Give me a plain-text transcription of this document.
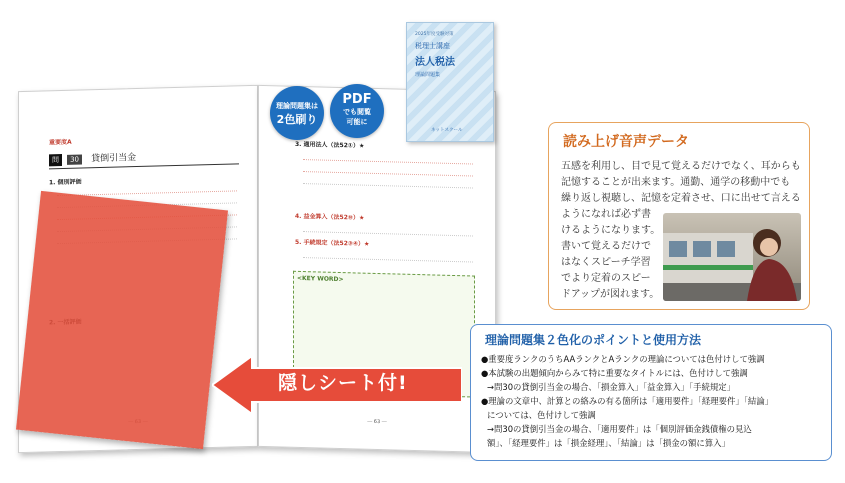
重要度A
問 30 貸倒引当金
1. 個別評価
3. 適用法人（法52①）★
4. 益金算入（法52⑩）★
5. 手続規定（法52③④）★
<KEY WORD>
― 63 ―
隠しシート付!
理論問題集は
2色刷り
PDF
でも閲覧
可能に
2025年度受験対策
税理士講座
法人税法
理論問題集
ネットスクール
読み上げ音声データ
五感を利用し、目で見て覚えるだけでなく、耳からも
記憶することが出来ます。通勤、通学の移動中でも
繰り返し視聴し、記憶を定着させ、口に出せて言える
ようになれば必ず書
けるようになります。
書いて覚えるだけで
はなくスピーチ学習
でより定着のスピー
ドアップが図れます。
理論問題集２色化のポイントと使用方法
●重要度ランクのうちAAランクとAランクの理論については色付けして強調
●本試験の出題傾向からみて特に重要なタイトルには、色付けして強調
→問30の貸倒引当金の場合、「損金算入」「益金算入」「手続規定」
●理論の文章中、計算との絡みの有る箇所は「適用要件」「経理要件」「結論」
については、色付けして強調
→問30の貸倒引当金の場合、「適用要件」は「個別評価金銭債権の見込
額」、「経理要件」は「損金経理」、「結論」は「損金の額に算入」
